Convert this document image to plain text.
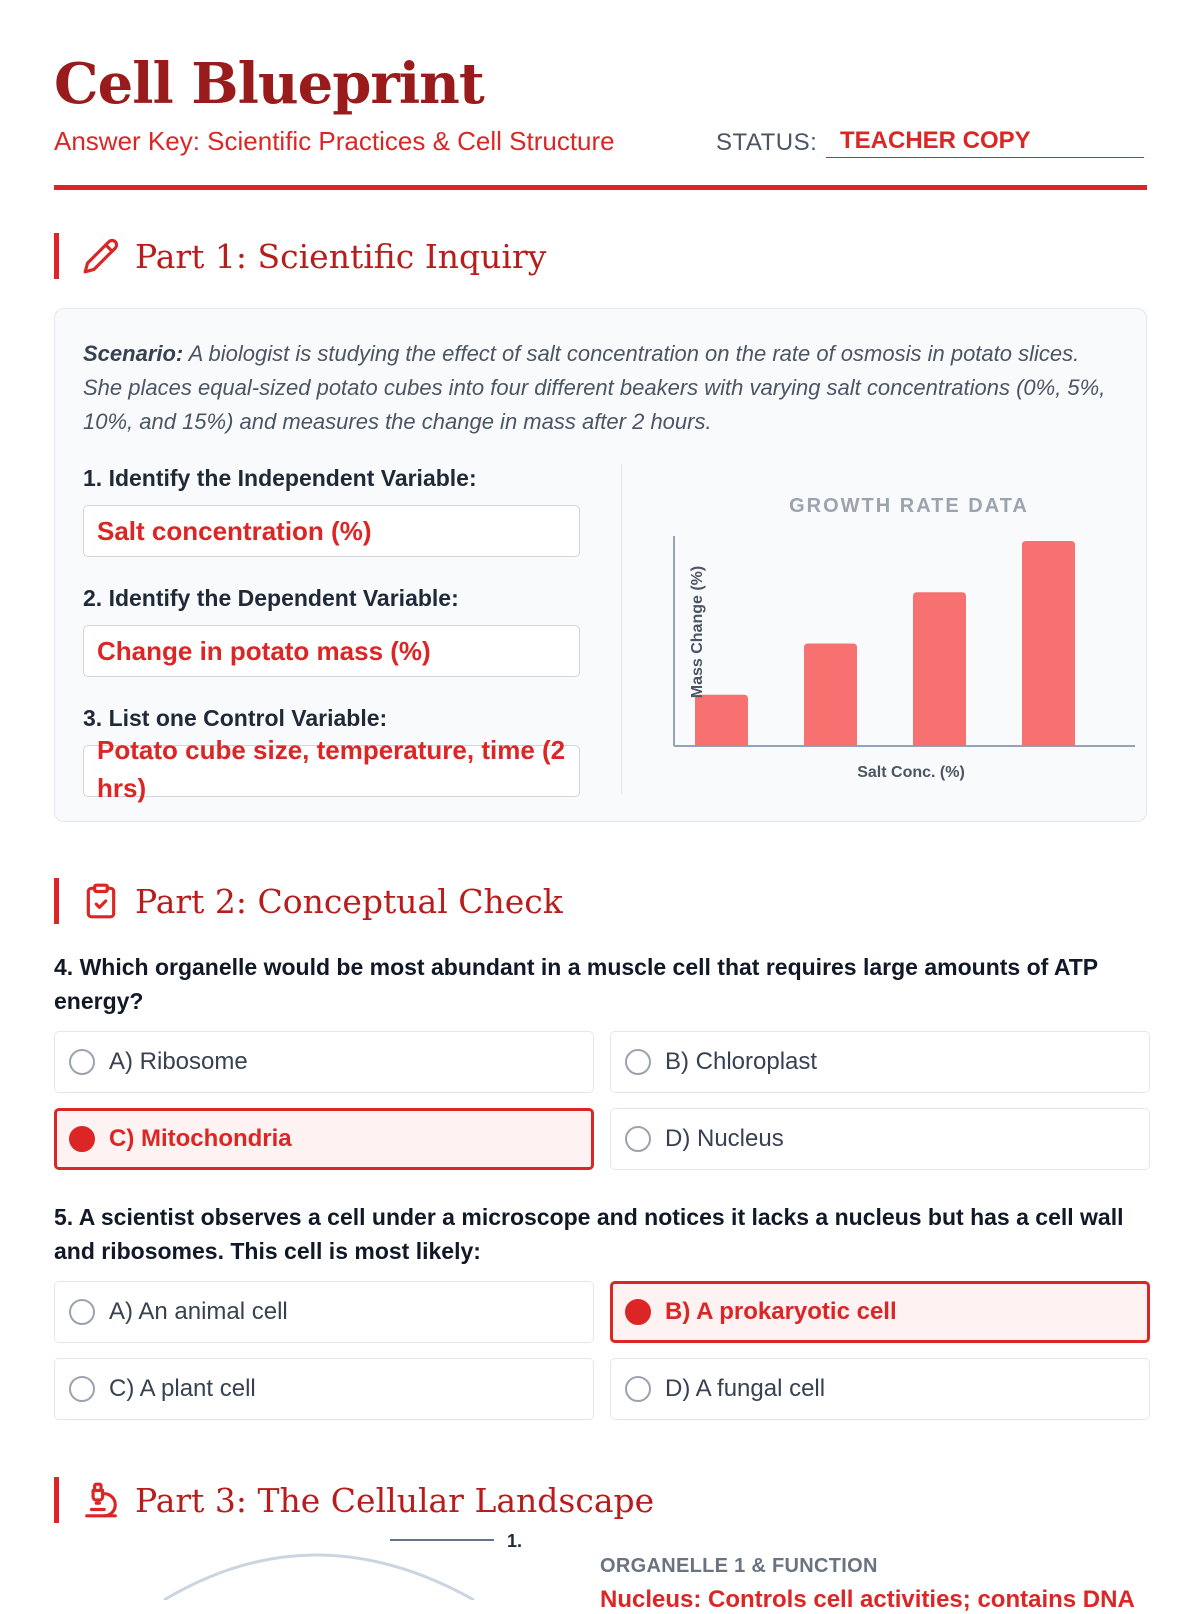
Cell Blueprint
Answer Key: Scientific Practices & Cell Structure	STATUS: TEACHER COPY
Part 1: Scientific Inquiry
Scenario: A biologist is studying the effect of salt concentration on the rate of osmosis in potato slices. She places equal-sized potato cubes into four different beakers with varying salt concentrations (0%, 5%, 10%, and 15%) and measures the change in mass after 2 hours.
1. Identify the Independent Variable:
Salt concentration (%)
2. Identify the Dependent Variable:
Change in potato mass (%)
3. List one Control Variable:
Potato cube size, temperature, time (2 hrs)
GROWTH RATE DATA
Salt Conc. (%)
Mass Change (%)
Part 2: Conceptual Check
4. Which organelle would be most abundant in a muscle cell that requires large amounts of ATP energy?
A) Ribosome	B) Chloroplast
C) Mitochondria	D) Nucleus
5. A scientist observes a cell under a microscope and notices it lacks a nucleus but has a cell wall and ribosomes. This cell is most likely:
A) An animal cell	B) A prokaryotic cell
C) A plant cell	D) A fungal cell
Part 3: The Cellular Landscape
1.
ORGANELLE 1 & FUNCTION
Nucleus: Controls cell activities; contains DNA
